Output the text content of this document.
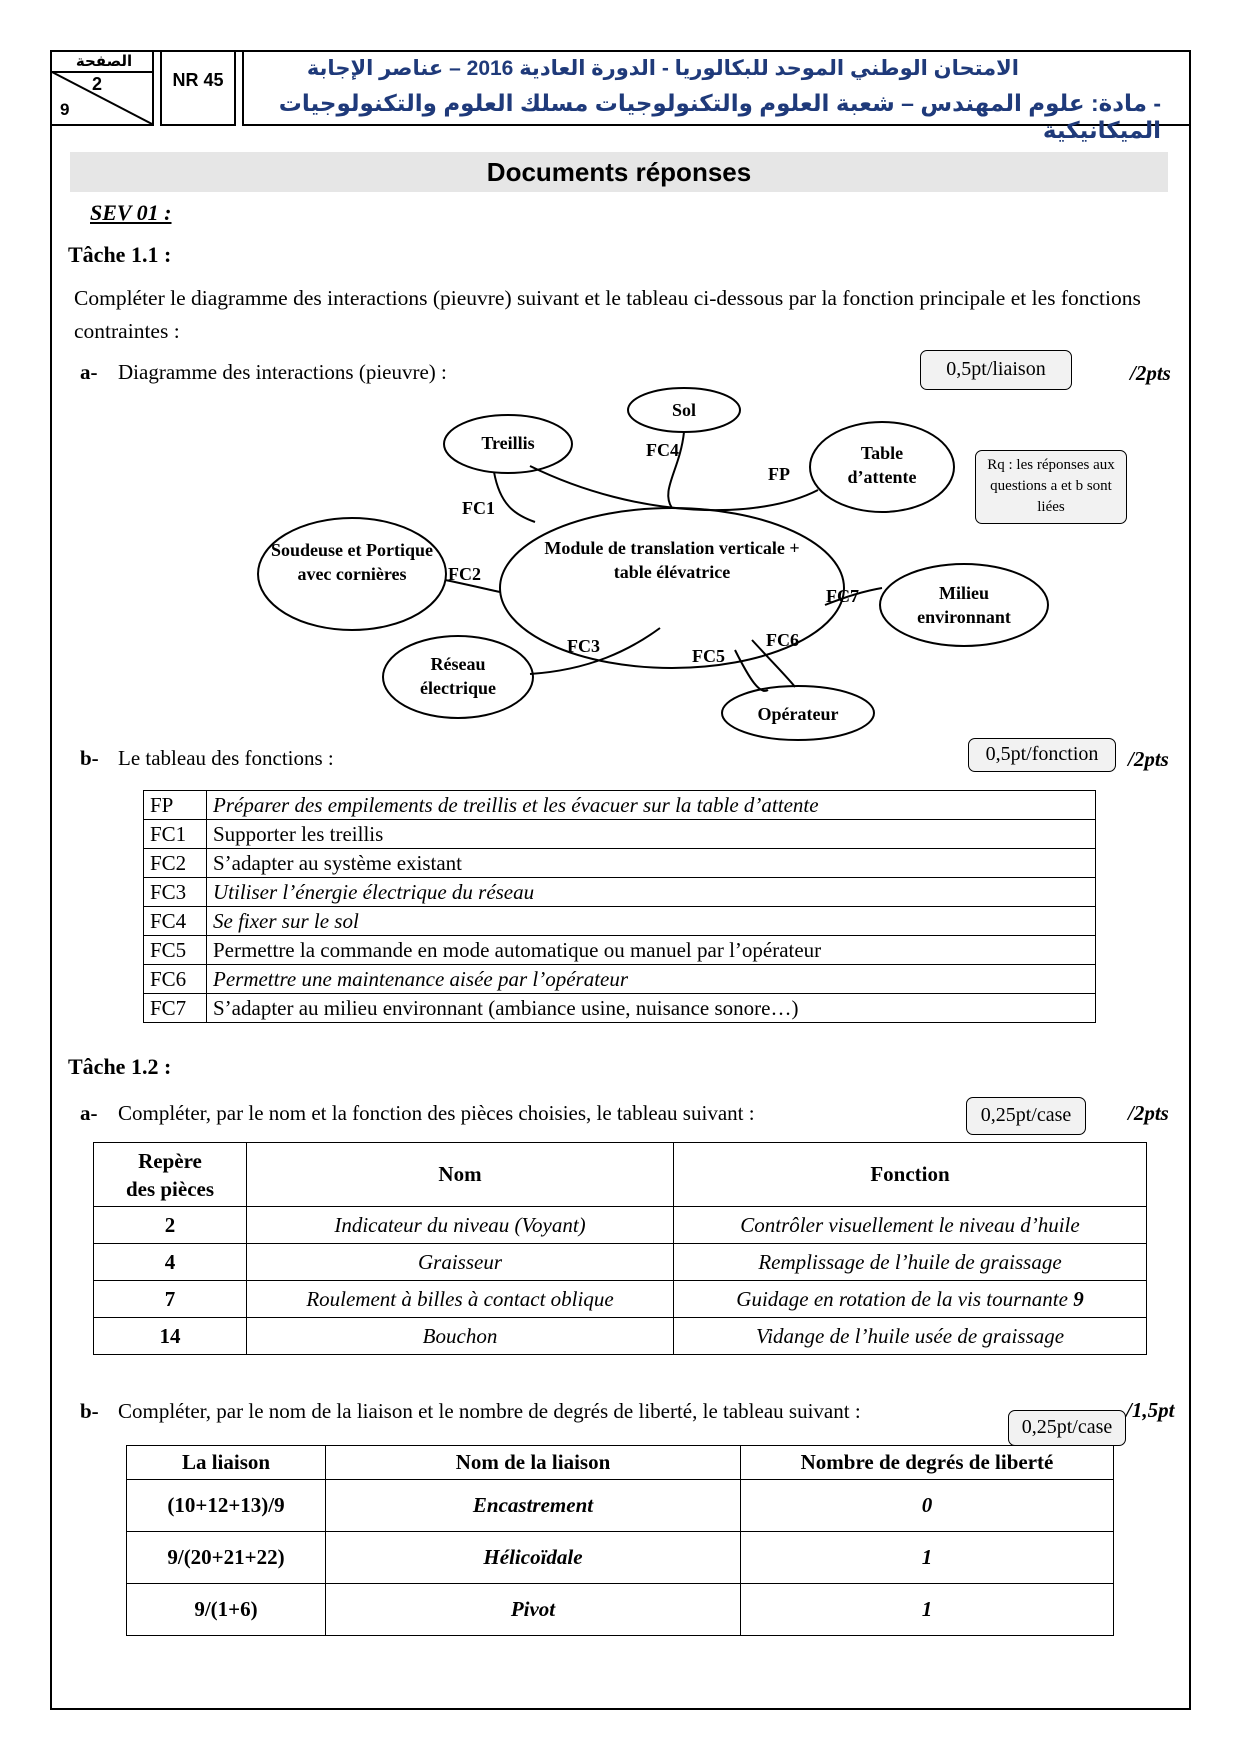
الصفحة
2
9
NR 45	الامتحان الوطني الموحد للبكالوريا - الدورة العادية 2016 – عناصر الإجابة
- مادة: علوم المهندس – شعبة العلوم والتكنولوجيات مسلك العلوم والتكنولوجيات الميكانيكية
Documents réponses
SEV 01 :
Tâche 1.1 :
Compléter le diagramme des interactions (pieuvre) suivant et le tableau ci-dessous par la fonction principale et les fonctions contraintes :
a- Diagramme des interactions (pieuvre) :	0,5pt/liaison	/2pts
Module de translation verticale + table élévatrice
Sol
Treillis	Table d’attente
Soudeuse et Portique avec cornières
Milieu environnant
Réseau électrique
Opérateur
FC4
FC1
FP
FC2
FC3	FC5
FC6
FC7
Rq : les réponses aux questions a et b sont liées
b- Le tableau des fonctions :	0,5pt/fonction	/2pts
FP	Préparer des empilements de treillis et les évacuer sur la table d’attente
FC1	Supporter les treillis
FC2	S’adapter au système existant
FC3	Utiliser l’énergie électrique du réseau
FC4	Se fixer sur le sol
FC5	Permettre la commande en mode automatique ou manuel par l’opérateur
FC6	Permettre une maintenance aisée par l’opérateur
FC7	S’adapter au milieu environnant (ambiance usine, nuisance sonore…)
Tâche 1.2 :
a- Compléter, par le nom et la fonction des pièces choisies, le tableau suivant :	0,25pt/case	/2pts
Repère
des pièces	Nom	Fonction
2	Indicateur du niveau (Voyant)	Contrôler visuellement le niveau d’huile
4	Graisseur	Remplissage de l’huile de graissage
7	Roulement à billes à contact oblique	Guidage en rotation de la vis tournante 9
14	Bouchon	Vidange de l’huile usée de graissage
b- Compléter, par le nom de la liaison et le nombre de degrés de liberté, le tableau suivant :
0,25pt/case
/1,5pt
La liaison	Nom de la liaison	Nombre de degrés de liberté
(10+12+13)/9	Encastrement	0
9/(20+21+22)	Hélicoïdale	1
9/(1+6)	Pivot	1
